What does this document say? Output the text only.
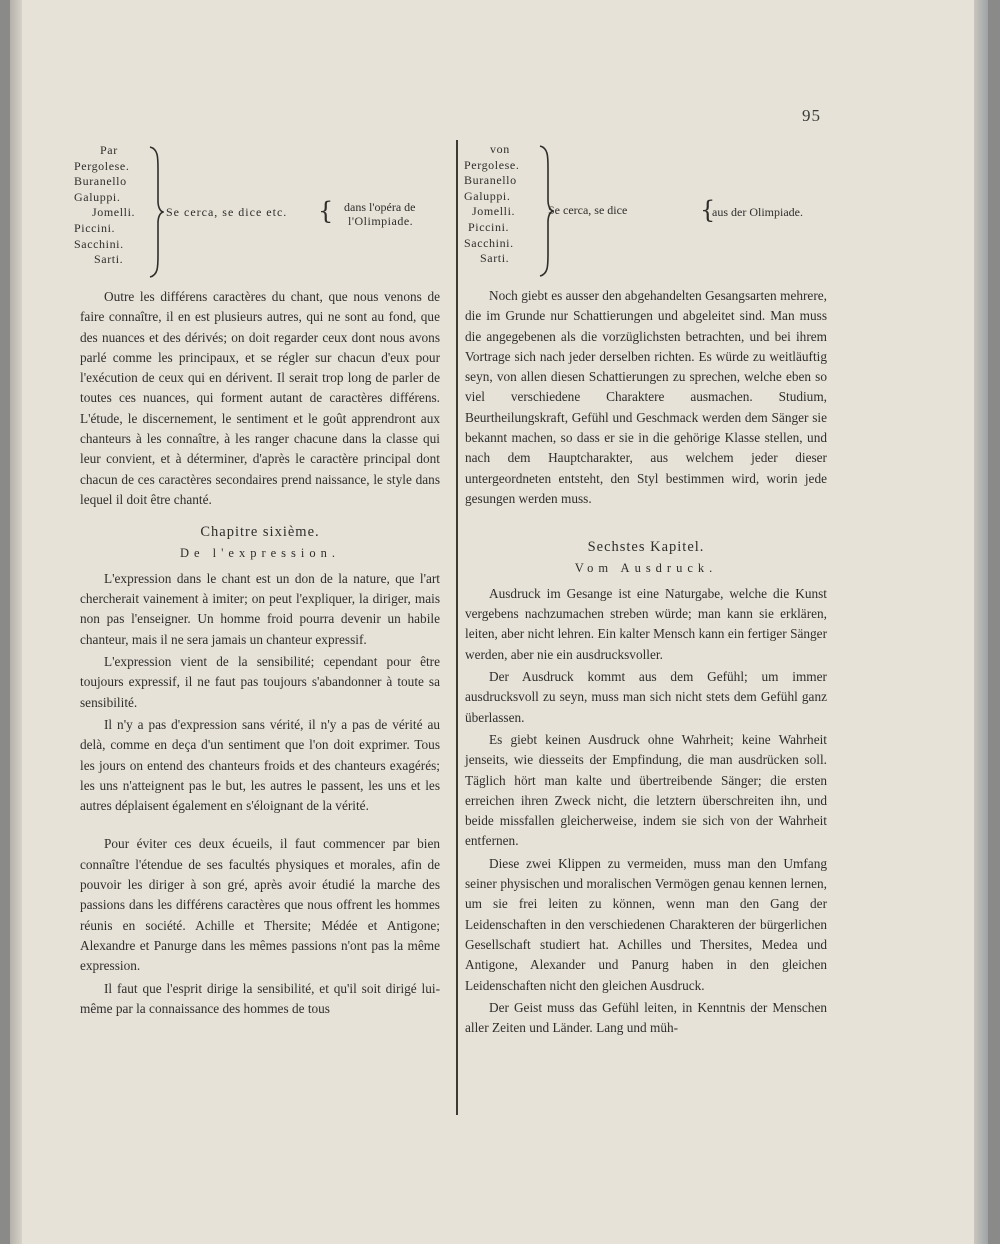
95
Par
Pergolese.
Buranello
Galuppi.
Jomelli.
Piccini.
Sacchini.
Sarti.
Se cerca, se dice etc. { dans l'opéra de
l'Olimpiade.
von
Pergolese.
Buranello
Galuppi.
Jomelli.
Piccini.
Sacchini.
Sarti.
Se cerca, se dice	{
aus der Olimpiade.

Outre les différens caractères du chant, que nous venons de faire connaître, il en est plusieurs autres, qui ne sont au fond, que des nuances et des dérivés; on doit regarder ceux dont nous avons parlé comme les principaux, et se régler sur chacun d'eux pour l'exécution de ceux qui en dérivent. Il serait trop long de parler de toutes ces nuances, qui forment autant de caractères différens. L'étude, le discernement, le sentiment et le goût apprendront aux chanteurs à les connaître, à les ranger chacune dans la classe qui leur convient, et à déterminer, d'après le caractère principal dont chacun de ces caractères secondaires prend naissance, le style dans lequel il doit être chanté.

Chapitre sixième.
De l'expression.

L'expression dans le chant est un don de la nature, que l'art chercherait vainement à imiter; on peut l'expliquer, la diriger, mais non pas l'enseigner. Un homme froid pourra devenir un habile chanteur, mais il ne sera jamais un chanteur expressif.

L'expression vient de la sensibilité; cependant pour être toujours expressif, il ne faut pas toujours s'abandonner à toute sa sensibilité.

Il n'y a pas d'expression sans vérité, il n'y a pas de vérité au delà, comme en deça d'un sentiment que l'on doit exprimer. Tous les jours on entend des chanteurs froids et des chanteurs exagérés; les uns n'atteignent pas le but, les autres le passent, les uns et les autres déplaisent également en s'éloignant de la vérité.

Pour éviter ces deux écueils, il faut commencer par bien connaître l'étendue de ses facultés physiques et morales, afin de pouvoir les diriger à son gré, après avoir étudié la marche des passions dans les différens caractères que nous offrent les hommes réunis en société. Achille et Thersite; Médée et Antigone; Alexandre et Panurge dans les mêmes passions n'ont pas la même expression.

Il faut que l'esprit dirige la sensibilité, et qu'il soit dirigé lui-même par la connaissance des hommes de tous

Noch giebt es ausser den abgehandelten Gesangsarten mehrere, die im Grunde nur Schattierungen und abgeleitet sind. Man muss die angegebenen als die vorzüglichsten betrachten, und bei ihrem Vortrage sich nach jeder derselben richten. Es würde zu weitläuftig seyn, von allen diesen Schattierungen zu sprechen, welche eben so viel verschiedene Charaktere ausmachen. Studium, Beurtheilungskraft, Gefühl und Geschmack werden dem Sänger sie bekannt machen, so dass er sie in die gehörige Klasse stellen, und nach dem Hauptcharakter, aus welchem jeder dieser untergeordneten entsteht, den Styl bestimmen wird, worin jede gesungen werden muss.

Sechstes Kapitel.
Vom Ausdruck.

Ausdruck im Gesange ist eine Naturgabe, welche die Kunst vergebens nachzumachen streben würde; man kann sie erklären, leiten, aber nicht lehren. Ein kalter Mensch kann ein fertiger Sänger werden, aber nie ein ausdrucksvoller.

Der Ausdruck kommt aus dem Gefühl; um immer ausdrucksvoll zu seyn, muss man sich nicht stets dem Gefühl ganz überlassen.

Es giebt keinen Ausdruck ohne Wahrheit; keine Wahrheit jenseits, wie diesseits der Empfindung, die man ausdrücken soll. Täglich hört man kalte und übertreibende Sänger; die ersten erreichen ihren Zweck nicht, die letztern überschreiten ihn, und beide missfallen gleicherweise, indem sie sich von der Wahrheit entfernen.

Diese zwei Klippen zu vermeiden, muss man den Umfang seiner physischen und moralischen Vermögen genau kennen lernen, um sie frei leiten zu können, wenn man den Gang der Leidenschaften in den verschiedenen Charakteren der bürgerlichen Gesellschaft studiert hat. Achilles und Thersites, Medea und Antigone, Alexander und Panurg haben in den gleichen Leidenschaften nicht den gleichen Ausdruck.

Der Geist muss das Gefühl leiten, in Kenntnis der Menschen aller Zeiten und Länder. Lang und müh-
